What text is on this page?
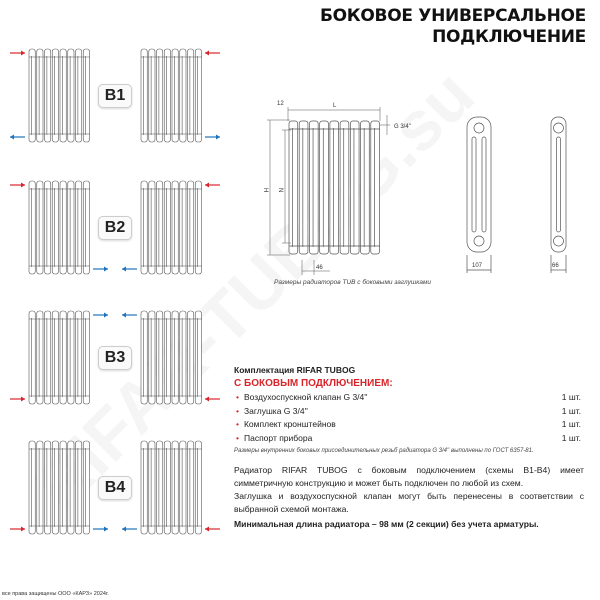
БОКОВОЕ УНИВЕРСАЛЬНОЕ
ПОДКЛЮЧЕНИЕ
B1
B2
B3
B4
12	L
H N
46
G 3/4''
107	66
Размеры радиаторов TUB с боковыми заглушками
Комплектация RIFAR TUBOG
С БОКОВЫМ ПОДКЛЮЧЕНИЕМ:
• Воздухоспускной клапан G 3/4''	1 шт.
• Заглушка G 3/4''	1 шт.
• Комплект кронштейнов	1 шт.
• Паспорт прибора	1 шт.
Размеры внутренних боковых присоединительных резьб радиатора G 3/4'' выполнены по ГОСТ 6357-81.
Радиатор RIFAR TUBOG с боковым подключением (схемы B1-B4) имеет симметричную конструкцию и может быть подключен по любой из схем.
Заглушка и воздухоспускной клапан могут быть перенесены в соответствии с выбранной схемой монтажа.
Минимальная длина радиатора – 98 мм (2 секции) без учета арматуры.
все права защищены ООО «КАРЗ» 2024г.
